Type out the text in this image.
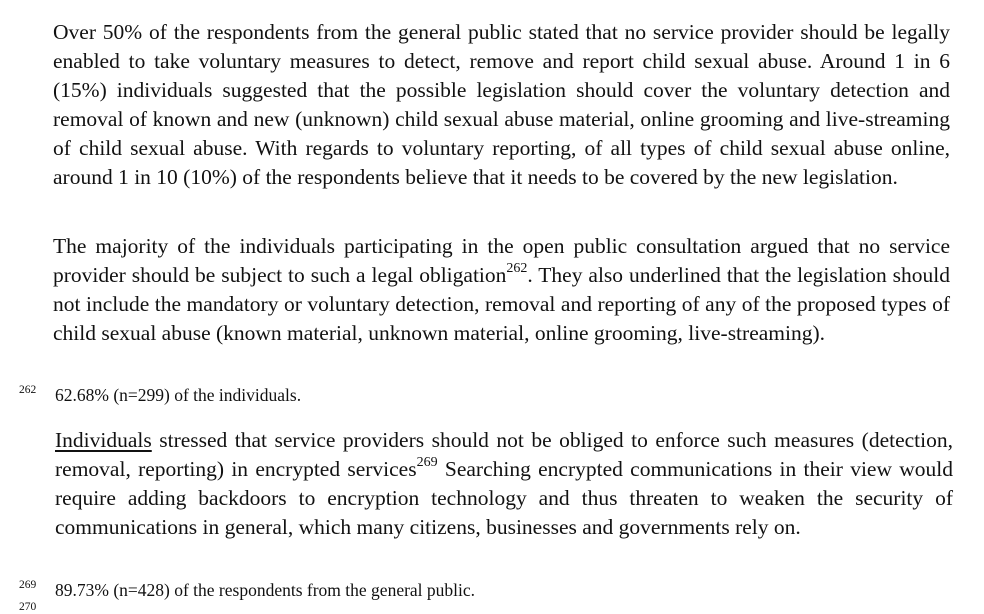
Over 50% of the respondents from the general public stated that no service provider should be legally enabled to take voluntary measures to detect, remove and report child sexual abuse. Around 1 in 6 (15%) individuals suggested that the possible legislation should cover the voluntary detection and removal of known and new (unknown) child sexual abuse material, online grooming and live-streaming of child sexual abuse. With regards to voluntary reporting, of all types of child sexual abuse online, around 1 in 10 (10%) of the respondents believe that it needs to be covered by the new legislation.

The majority of the individuals participating in the open public consultation argued that no service provider should be subject to such a legal obligation$^{262}$. They also underlined that the legislation should not include the mandatory or voluntary detection, removal and reporting of any of the proposed types of child sexual abuse (known material, unknown material, online grooming, live-streaming).

262 62.68% (n=299) of the individuals.

Individuals stressed that service providers should not be obliged to enforce such measures (detection, removal, reporting) in encrypted services$^{269}$ Searching encrypted communications in their view would require adding backdoors to encryption technology and thus threaten to weaken the security of communications in general, which many citizens, businesses and governments rely on.

269 89.73% (n=428) of the respondents from the general public.

270
